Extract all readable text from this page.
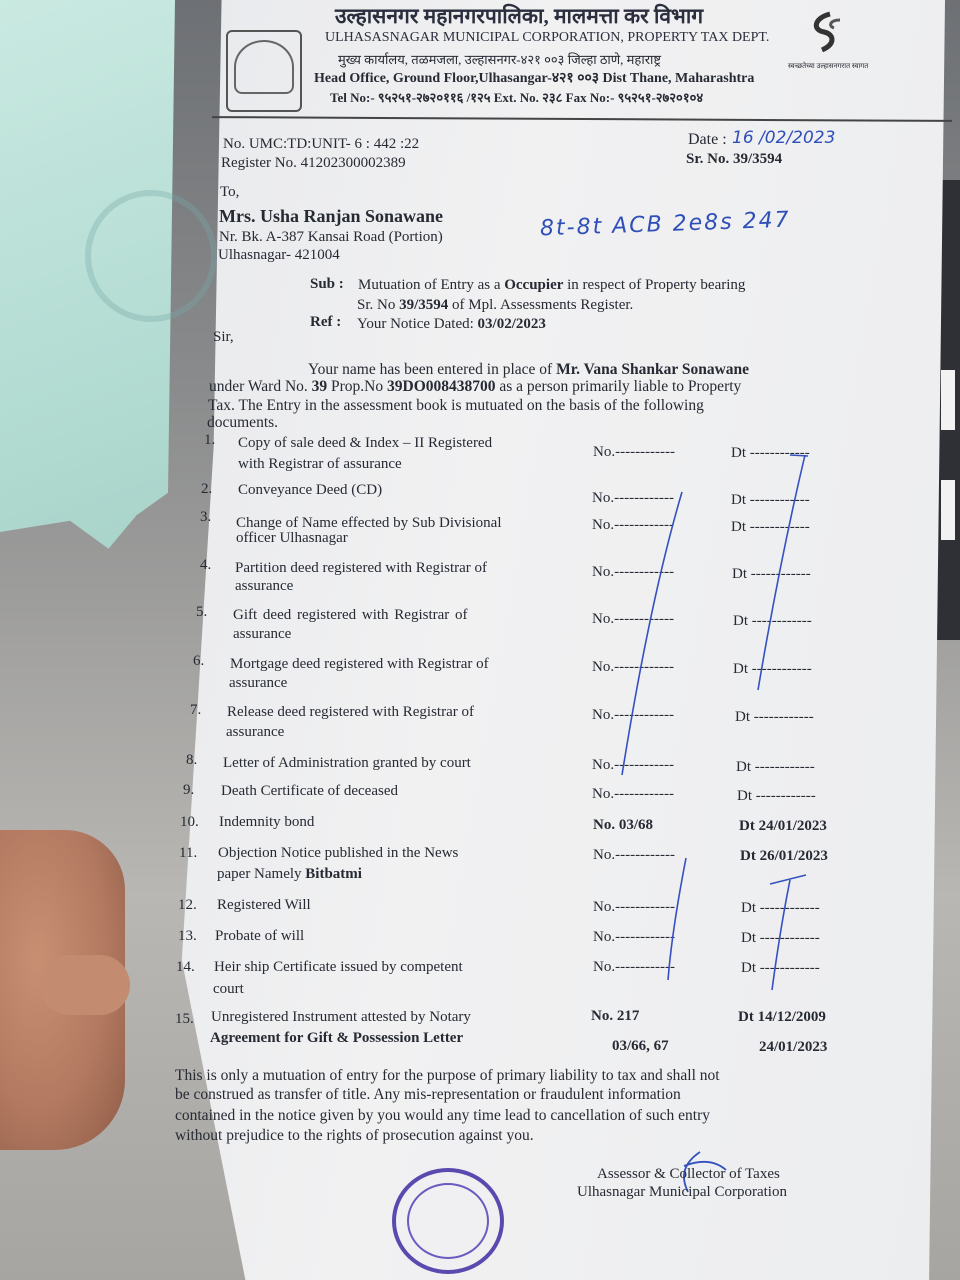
स्वच्छतेच्या उल्हासनगरात स्वागत
उल्हासनगर महानगरपालिका, मालमत्ता कर विभाग
ULHASASNAGAR MUNICIPAL CORPORATION, PROPERTY TAX DEPT.
मुख्य कार्यालय, तळमजला, उल्हासनगर-४२१ ००३ जिल्हा ठाणे, महाराष्ट्र
Head Office, Ground Floor,Ulhasangar-४२१ ००३ Dist Thane, Maharashtra
Tel No:- ९५२५१-२७२०११६ /१२५ Ext. No. २३८ Fax No:- ९५२५१-२७२०१०४
No. UMC:TD:UNIT- 6 : 442 :22
Register No. 41202300002389
Date : 16 /02/2023
Sr. No. 39/3594
To,
Mrs. Usha Ranjan Sonawane
Nr. Bk. A-387 Kansai Road (Portion)
Ulhasnagar- 421004
8t-8t ACB 2e8s 247
Sub : Mutuation of Entry as a Occupier in respect of Property bearing
Sr. No 39/3594 of Mpl. Assessments Register.
Ref : Your Notice Dated: 03/02/2023
Sir,
Your name has been entered in place of Mr. Vana Shankar Sonawane
under Ward No. 39 Prop.No 39DO008438700 as a person primarily liable to Property
Tax. The Entry in the assessment book is mutuated on the basis of the following
documents.
1. Copy of sale deed & Index – II Registered
with Registrar of assurance
No.------------	Dt ------------
2. Conveyance Deed (CD)	No.------------	Dt ------------
3. Change of Name effected by Sub Divisional
officer Ulhasnagar
No.------------	Dt ------------
4. Partition deed registered with Registrar of
assurance
No.------------	Dt ------------
5. Gift deed registered with Registrar of
assurance
No.------------	Dt ------------
6. Mortgage deed registered with Registrar of
assurance
No.------------	Dt ------------
7. Release deed registered with Registrar of
assurance
No.------------	Dt ------------
8. Letter of Administration granted by court	No.------------	Dt ------------
9. Death Certificate of deceased	No.------------	Dt ------------
10. Indemnity bond	No. 03/68	Dt 24/01/2023
11. Objection Notice published in the News
paper Namely Bitbatmi
No.------------	Dt 26/01/2023
12. Registered Will	No.------------	Dt ------------
13. Probate of will	No.------------	Dt ------------
14. Heir ship Certificate issued by competent
court
No.------------	Dt ------------
15. Unregistered Instrument attested by Notary
Agreement for Gift & Possession Letter
No. 217	Dt 14/12/2009
03/66, 67	24/01/2023
This is only a mutuation of entry for the purpose of primary liability to tax and shall not
be construed as transfer of title. Any mis-representation or fraudulent information
contained in the notice given by you would any time lead to cancellation of such entry
without prejudice to the rights of prosecution against you.
Assessor & Collector of Taxes
Ulhasnagar Municipal Corporation
